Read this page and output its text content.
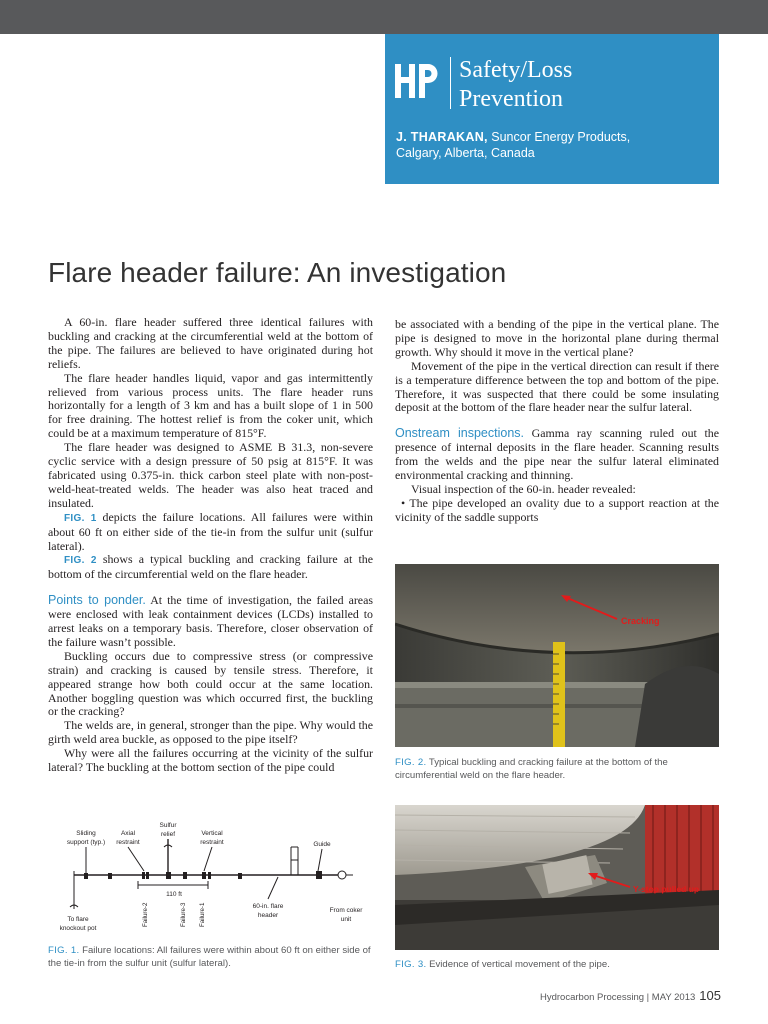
Safety/Loss
Prevention
J. THARAKAN, Suncor Energy Products,
Calgary, Alberta, Canada
Flare header failure: An investigation

A 60-in. flare header suffered three identical failures with buckling and cracking at the circumferential weld at the bottom of the pipe. The failures are believed to have originated during hot reliefs.

The flare header handles liquid, vapor and gas intermittently relieved from various process units. The flare header runs horizontally for a length of 3 km and has a built slope of 1 in 500 for free draining. The hottest relief is from the coker unit, which could be at a maximum temperature of 815°F.

The flare header was designed to ASME B 31.3, non-severe cyclic service with a design pressure of 50 psig at 815°F. It was fabricated using 0.375-in. thick carbon steel plate with non-post-weld-heat-treated welds. The header was also heat traced and insulated.

FIG. 1 depicts the failure locations. All failures were within about 60 ft on either side of the tie-in from the sulfur unit (sulfur lateral).

FIG. 2 shows a typical buckling and cracking failure at the bottom of the circumferential weld on the flare header.

Points to ponder. At the time of investigation, the failed areas were enclosed with leak containment devices (LCDs) installed to arrest leaks on a temporary basis. Therefore, closer observation of the failure wasn’t possible.

Buckling occurs due to compressive stress (or compressive strain) and cracking is caused by tensile stress. Therefore, it appeared strange how both could occur at the same location. Another boggling question was which occurred first, the buckling or the cracking?

The welds are, in general, stronger than the pipe. Why would the girth weld area buckle, as opposed to the pipe itself?

Why were all the failures occurring at the vicinity of the sulfur lateral? The buckling at the bottom section of the pipe could

be associated with a bending of the pipe in the vertical plane. The pipe is designed to move in the horizontal plane during thermal growth. Why should it move in the vertical plane?

Movement of the pipe in the vertical direction can result if there is a temperature difference between the top and bottom of the pipe. Therefore, it was suspected that there could be some insulating deposit at the bottom of the flare header near the sulfur lateral.

Onstream inspections. Gamma ray scanning ruled out the presence of internal deposits in the flare header. Scanning results from the welds and the pipe near the sulfur lateral eliminated environmental cracking and thinning.

Visual inspection of the 60-in. header revealed:

• The pipe developed an ovality due to a support reaction at the vicinity of the saddle supports

Cracking
FIG. 2. Typical buckling and cracking failure at the bottom of the circumferential weld on the flare header.
Y-stop pulled up
FIG. 3. Evidence of vertical movement of the pipe.
Sliding
support (typ.)
Axial
restraint
Sulfur
relief	Vertical
restraint	Guide
110 ft
To flare
knockout pot
60-in. flare
header
From coker
unit
Failure-2	Failure-3 Failure-1
FIG. 1. Failure locations: All failures were within about 60 ft on either side of the tie-in from the sulfur unit (sulfur lateral).
Hydrocarbon Processing | MAY 2013 105
